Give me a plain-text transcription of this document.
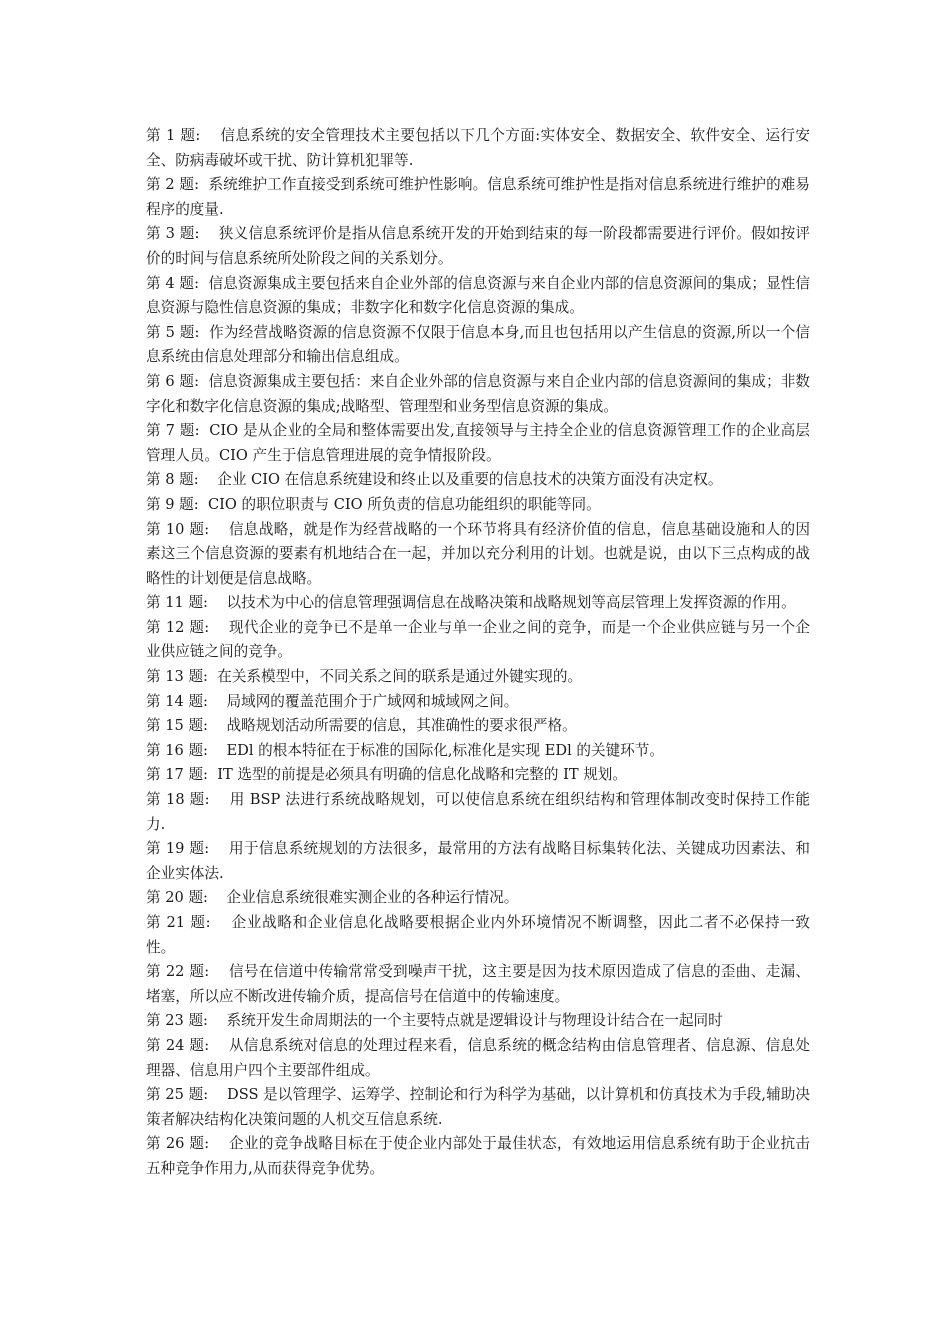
第 1 题: 信息系统的安全管理技术主要包括以下几个方面:实体安全、数据安全、软件安全、运行安全、防病毒破坏或干扰、防计算机犯罪等.

第 2 题: 系统维护工作直接受到系统可维护性影响。信息系统可维护性是指对信息系统进行维护的难易程序的度量.

第 3 题: 狭义信息系统评价是指从信息系统开发的开始到结束的每一阶段都需要进行评价。假如按评价的时间与信息系统所处阶段之间的关系划分。

第 4 题: 信息资源集成主要包括来自企业外部的信息资源与来自企业内部的信息资源间的集成；显性信息资源与隐性信息资源的集成；非数字化和数字化信息资源的集成。

第 5 题: 作为经营战略资源的信息资源不仅限于信息本身,而且也包括用以产生信息的资源,所以一个信息系统由信息处理部分和输出信息组成。

第 6 题: 信息资源集成主要包括：来自企业外部的信息资源与来自企业内部的信息资源间的集成；非数字化和数字化信息资源的集成;战略型、管理型和业务型信息资源的集成。

第 7 题: CIO 是从企业的全局和整体需要出发,直接领导与主持全企业的信息资源管理工作的企业高层管理人员。CIO 产生于信息管理进展的竞争情报阶段。

第 8 题: 企业 CIO 在信息系统建设和终止以及重要的信息技术的决策方面没有决定权。

第 9 题: CIO 的职位职责与 CIO 所负责的信息功能组织的职能等同。

第 10 题: 信息战略，就是作为经营战略的一个环节将具有经济价值的信息，信息基础设施和人的因素这三个信息资源的要素有机地结合在一起，并加以充分利用的计划。也就是说，由以下三点构成的战略性的计划便是信息战略。

第 11 题: 以技术为中心的信息管理强调信息在战略决策和战略规划等高层管理上发挥资源的作用。

第 12 题: 现代企业的竞争已不是单一企业与单一企业之间的竞争，而是一个企业供应链与另一个企业供应链之间的竞争。

第 13 题: 在关系模型中，不同关系之间的联系是通过外键实现的。

第 14 题: 局域网的覆盖范围介于广域网和城域网之间。

第 15 题: 战略规划活动所需要的信息，其准确性的要求很严格。

第 16 题: EDl 的根本特征在于标准的国际化,标准化是实现 EDl 的关键环节。

第 17 题: IT 选型的前提是必须具有明确的信息化战略和完整的 IT 规划。

第 18 题: 用 BSP 法进行系统战略规划，可以使信息系统在组织结构和管理体制改变时保持工作能力.

第 19 题: 用于信息系统规划的方法很多，最常用的方法有战略目标集转化法、关键成功因素法、和企业实体法.

第 20 题: 企业信息系统很难实测企业的各种运行情况。

第 21 题: 企业战略和企业信息化战略要根据企业内外环境情况不断调整，因此二者不必保持一致性。

第 22 题: 信号在信道中传输常常受到噪声干扰，这主要是因为技术原因造成了信息的歪曲、走漏、堵塞，所以应不断改进传输介质，提高信号在信道中的传输速度。

第 23 题: 系统开发生命周期法的一个主要特点就是逻辑设计与物理设计结合在一起同时

第 24 题: 从信息系统对信息的处理过程来看，信息系统的概念结构由信息管理者、信息源、信息处理器、信息用户四个主要部件组成。

第 25 题: DSS 是以管理学、运筹学、控制论和行为科学为基础，以计算机和仿真技术为手段,辅助决策者解决结构化决策问题的人机交互信息系统.

第 26 题: 企业的竞争战略目标在于使企业内部处于最佳状态，有效地运用信息系统有助于企业抗击五种竞争作用力,从而获得竞争优势。
